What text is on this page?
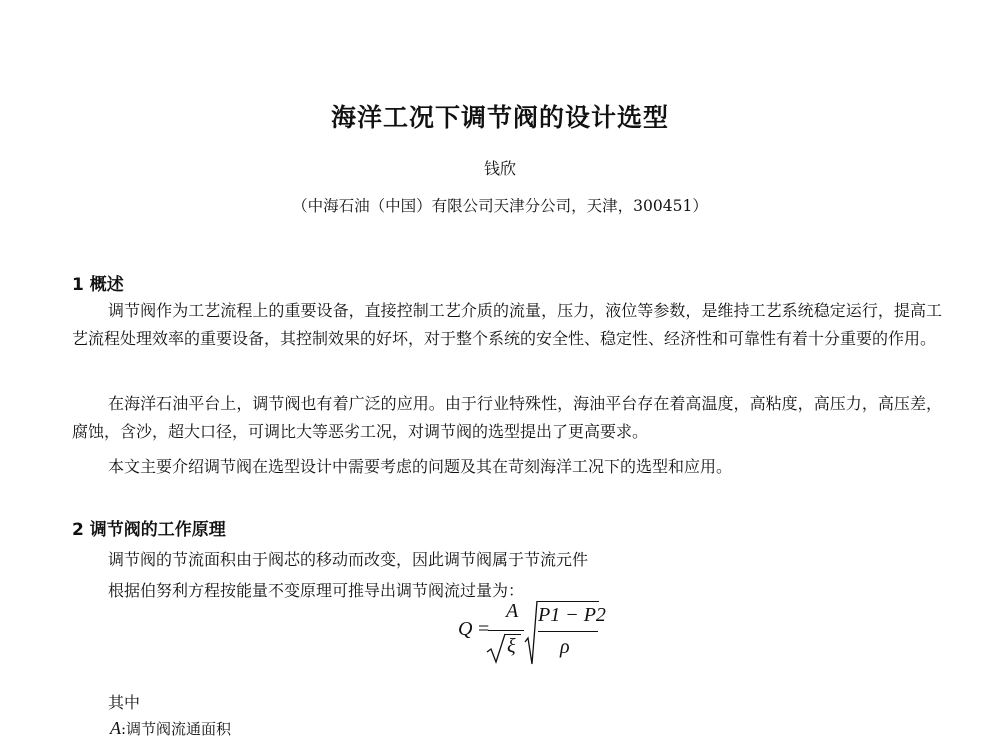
海洋工况下调节阀的设计选型
钱欣
（中海石油（中国）有限公司天津分公司，天津，300451）
1 概述
调节阀作为工艺流程上的重要设备，直接控制工艺介质的流量，压力，液位等参数，是维持工艺系统稳定运行，提高工艺流程处理效率的重要设备，其控制效果的好坏，对于整个系统的安全性、稳定性、经济性和可靠性有着十分重要的作用。
在海洋石油平台上，调节阀也有着广泛的应用。由于行业特殊性，海油平台存在着高温度，高粘度，高压力，高压差，腐蚀，含沙，超大口径，可调比大等恶劣工况，对调节阀的选型提出了更高要求。
本文主要介绍调节阀在选型设计中需要考虑的问题及其在苛刻海洋工况下的选型和应用。
2 调节阀的工作原理
调节阀的节流面积由于阀芯的移动而改变，因此调节阀属于节流元件
根据伯努利方程按能量不变原理可推导出调节阀流过量为：
Q =
A
ξ
P1 − P2
ρ
其中
A:调节阀流通面积
